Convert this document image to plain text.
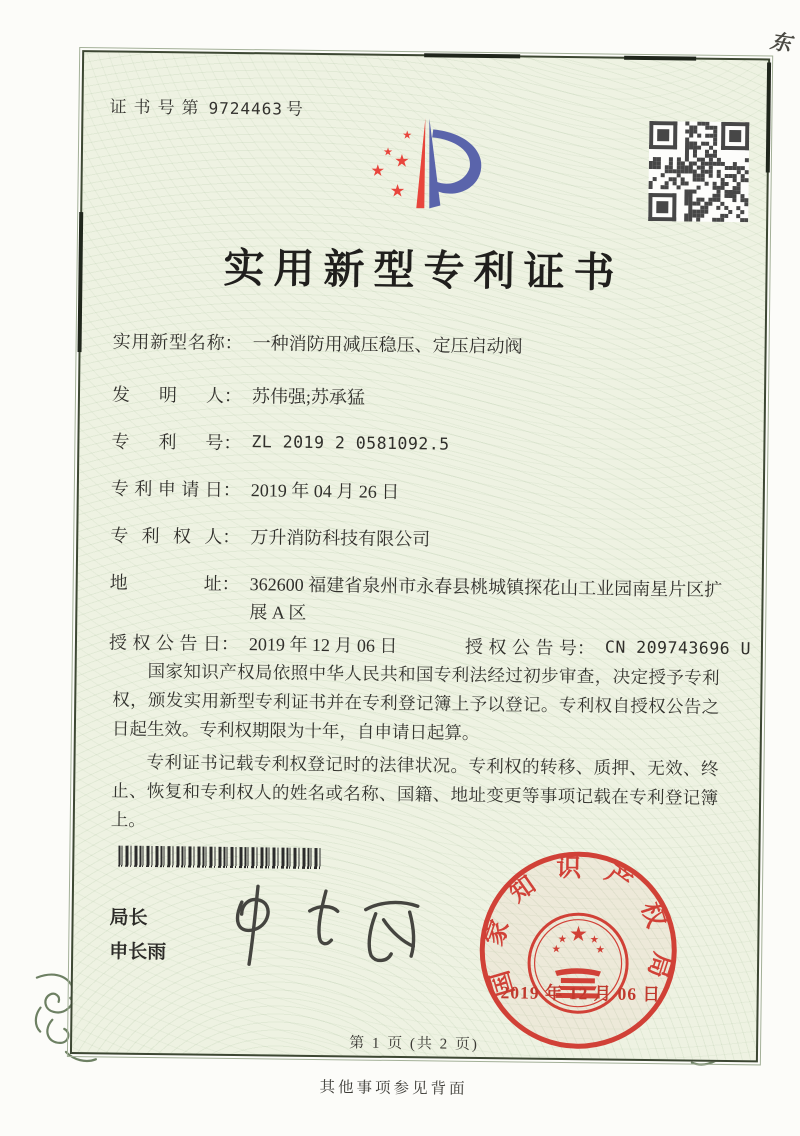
东
其他事项参见背面
证书号第 9724463 号
实用新型专利证书
实用新型名称 ： 一种消防用减压稳压、定压启动阀
发明人 ： 苏伟强;苏承猛
专利号 ： ZL 2019 2 0581092.5
专利申请日 ： 2019 年 04 月 26 日
专利权人 ： 万升消防科技有限公司
地址 ： 362600 福建省泉州市永春县桃城镇探花山工业园南星片区扩展 A 区
授权公告日 ： 2019 年 12 月 06 日	授权公告号 ： CN 209743696 U

国家知识产权局依照中华人民共和国专利法经过初步审查，决定授予专利权，颁发实用新型专利证书并在专利登记簿上予以登记。专利权自授权公告之日起生效。专利权期限为十年，自申请日起算。

专利证书记载专利权登记时的法律状况。专利权的转移、质押、无效、终止、恢复和专利权人的姓名或名称、国籍、地址变更等事项记载在专利登记簿上。

局长
申长雨	国家知识产权局
2019 年 12 月 06 日
第 1 页 (共 2 页)
